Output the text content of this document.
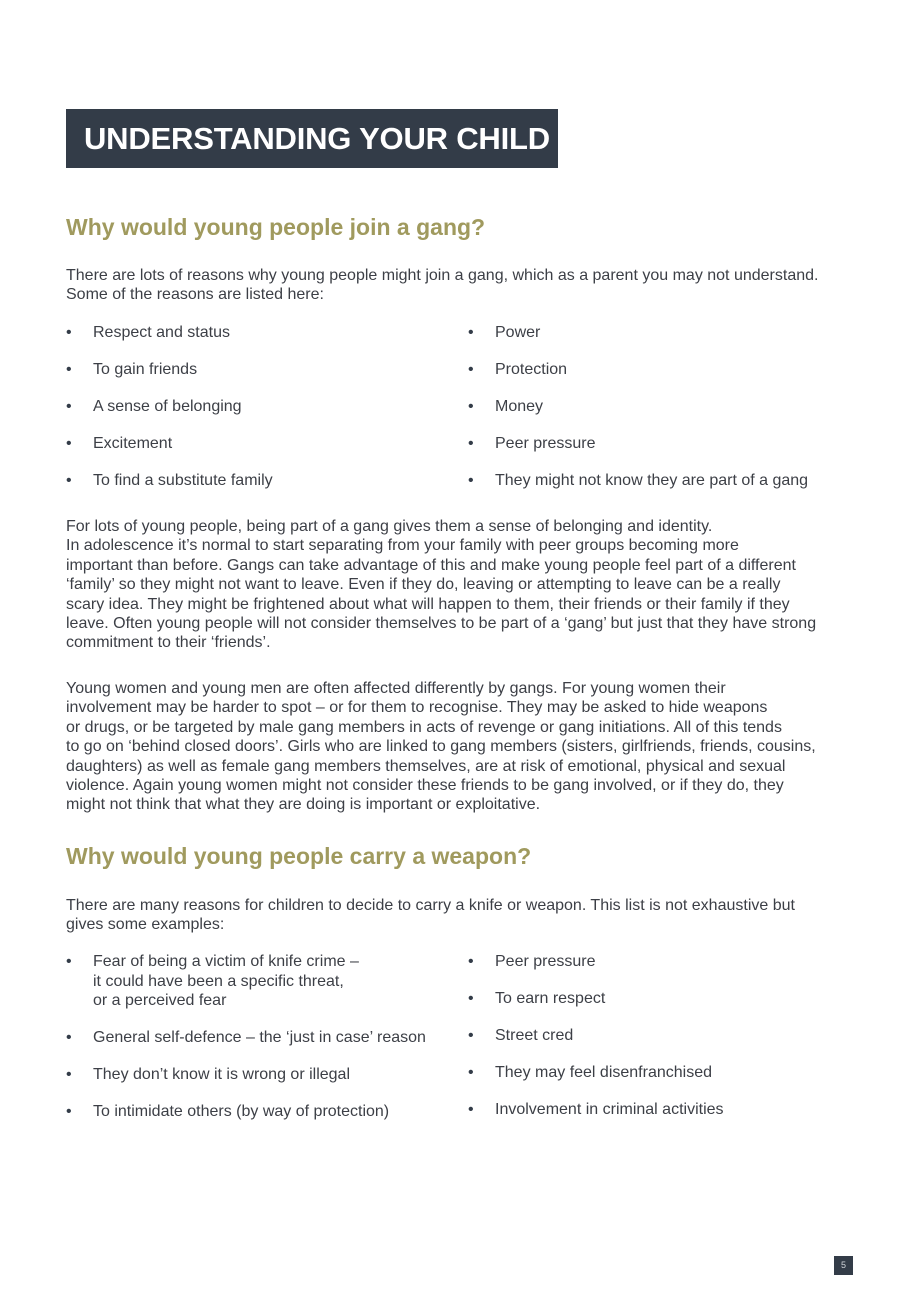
UNDERSTANDING YOUR CHILD
Why would young people join a gang?
There are lots of reasons why young people might join a gang, which as a parent you may not understand.
Some of the reasons are listed here:
• Respect and status
• To gain friends
• A sense of belonging
• Excitement
• To find a substitute family
• Power
• Protection
• Money
• Peer pressure
• They might not know they are part of a gang
For lots of young people, being part of a gang gives them a sense of belonging and identity.
In adolescence it’s normal to start separating from your family with peer groups becoming more
important than before. Gangs can take advantage of this and make young people feel part of a different
‘family’ so they might not want to leave. Even if they do, leaving or attempting to leave can be a really
scary idea. They might be frightened about what will happen to them, their friends or their family if they
leave. Often young people will not consider themselves to be part of a ‘gang’ but just that they have strong
commitment to their ‘friends’.
Young women and young men are often affected differently by gangs. For young women their
involvement may be harder to spot – or for them to recognise. They may be asked to hide weapons
or drugs, or be targeted by male gang members in acts of revenge or gang initiations. All of this tends
to go on ‘behind closed doors’. Girls who are linked to gang members (sisters, girlfriends, friends, cousins,
daughters) as well as female gang members themselves, are at risk of emotional, physical and sexual
violence. Again young women might not consider these friends to be gang involved, or if they do, they
might not think that what they are doing is important or exploitative.
Why would young people carry a weapon?
There are many reasons for children to decide to carry a knife or weapon. This list is not exhaustive but
gives some examples:
• Fear of being a victim of knife crime –
it could have been a specific threat,
or a perceived fear
• General self-defence – the ‘just in case’ reason
• They don’t know it is wrong or illegal
• To intimidate others (by way of protection)
• Peer pressure
• To earn respect
• Street cred
• They may feel disenfranchised
• Involvement in criminal activities
5
